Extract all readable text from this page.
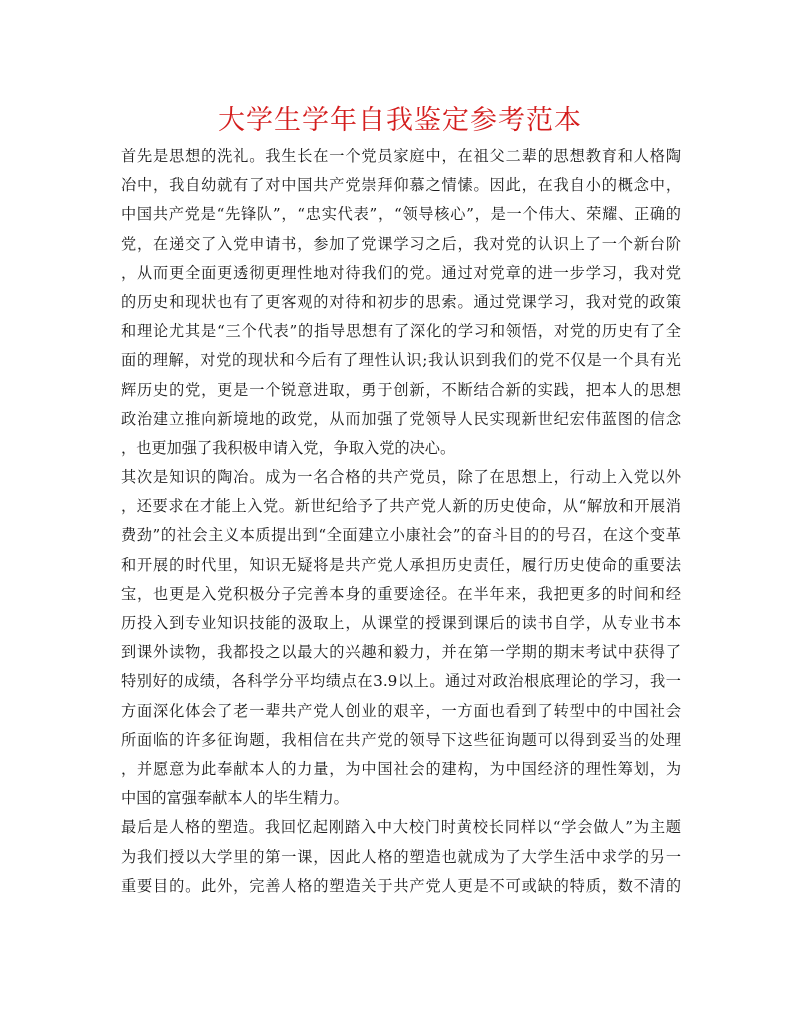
大学生学年自我鉴定参考范本

首先是思想的洗礼。我生长在一个党员家庭中，在祖父二辈的思想教育和人格陶
冶中，我自幼就有了对中国共产党崇拜仰慕之情愫。因此，在我自小的概念中，
中国共产党是“先锋队”，“忠实代表”，“领导核心”，是一个伟大、荣耀、正确的
党，在递交了入党申请书，参加了党课学习之后，我对党的认识上了一个新台阶
，从而更全面更透彻更理性地对待我们的党。通过对党章的进一步学习，我对党
的历史和现状也有了更客观的对待和初步的思索。通过党课学习，我对党的政策
和理论尤其是“三个代表”的指导思想有了深化的学习和领悟，对党的历史有了全
面的理解，对党的现状和今后有了理性认识;我认识到我们的党不仅是一个具有光
辉历史的党，更是一个锐意进取，勇于创新，不断结合新的实践，把本人的思想
政治建立推向新境地的政党，从而加强了党领导人民实现新世纪宏伟蓝图的信念
，也更加强了我积极申请入党，争取入党的决心。

其次是知识的陶冶。成为一名合格的共产党员，除了在思想上，行动上入党以外
，还要求在才能上入党。新世纪给予了共产党人新的历史使命，从“解放和开展消
费劲”的社会主义本质提出到“全面建立小康社会”的奋斗目的的号召，在这个变革
和开展的时代里，知识无疑将是共产党人承担历史责任，履行历史使命的重要法
宝，也更是入党积极分子完善本身的重要途径。在半年来，我把更多的时间和经
历投入到专业知识技能的汲取上，从课堂的授课到课后的读书自学，从专业书本
到课外读物，我都投之以最大的兴趣和毅力，并在第一学期的期末考试中获得了
特别好的成绩，各科学分平均绩点在3.9以上。通过对政治根底理论的学习，我一
方面深化体会了老一辈共产党人创业的艰辛，一方面也看到了转型中的中国社会
所面临的许多征询题，我相信在共产党的领导下这些征询题可以得到妥当的处理
，并愿意为此奉献本人的力量，为中国社会的建构，为中国经济的理性筹划，为
中国的富强奉献本人的毕生精力。

最后是人格的塑造。我回忆起刚踏入中大校门时黄校长同样以“学会做人”为主题
为我们授以大学里的第一课，因此人格的塑造也就成为了大学生活中求学的另一
重要目的。此外，完善人格的塑造关于共产党人更是不可或缺的特质，数不清的
